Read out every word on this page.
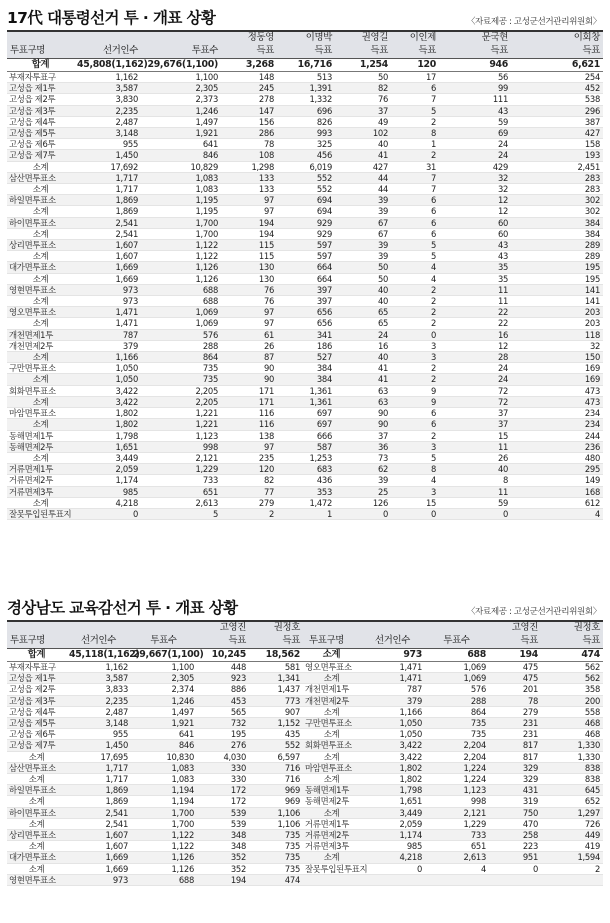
17代 대통령선거 투 · 개표 상황	〈자료제공 : 고성군선거관리위원회〉
			정동영	이명박	권영길	이인제	문국현	이회창
투표구명	선거인수	투표수	득표	득표	득표	득표	득표	득표
합계	45,808(1,162)	29,676(1,100)	3,268	16,716	1,254	120	946	6,621
부재자투표구	1,162	1,100	148	513	50	17	56	254
고성읍 제1투	3,587	2,305	245	1,391	82	6	99	452
고성읍 제2투	3,830	2,373	278	1,332	76	7	111	538
고성읍 제3투	2,235	1,246	147	696	37	5	43	296
고성읍 제4투	2,487	1,497	156	826	49	2	59	387
고성읍 제5투	3,148	1,921	286	993	102	8	69	427
고성읍 제6투	955	641	78	325	40	1	24	158
고성읍 제7투	1,450	846	108	456	41	2	24	193
소계	17,692	10,829	1,298	6,019	427	31	429	2,451
삼산면투표소	1,717	1,083	133	552	44	7	32	283
소계	1,717	1,083	133	552	44	7	32	283
하일면투표소	1,869	1,195	97	694	39	6	12	302
소계	1,869	1,195	97	694	39	6	12	302
하이면투표소	2,541	1,700	194	929	67	6	60	384
소계	2,541	1,700	194	929	67	6	60	384
상리면투표소	1,607	1,122	115	597	39	5	43	289
소계	1,607	1,122	115	597	39	5	43	289
대가면투표소	1,669	1,126	130	664	50	4	35	195
소계	1,669	1,126	130	664	50	4	35	195
영현면투표소	973	688	76	397	40	2	11	141
소계	973	688	76	397	40	2	11	141
영오면투표소	1,471	1,069	97	656	65	2	22	203
소계	1,471	1,069	97	656	65	2	22	203
개천면제1투	787	576	61	341	24	0	16	118
개천면제2투	379	288	26	186	16	3	12	32
소계	1,166	864	87	527	40	3	28	150
구만면투표소	1,050	735	90	384	41	2	24	169
소계	1,050	735	90	384	41	2	24	169
회화면투표소	3,422	2,205	171	1,361	63	9	72	473
소계	3,422	2,205	171	1,361	63	9	72	473
마암면투표소	1,802	1,221	116	697	90	6	37	234
소계	1,802	1,221	116	697	90	6	37	234
동해면제1투	1,798	1,123	138	666	37	2	15	244
동해면제2투	1,651	998	97	587	36	3	11	236
소계	3,449	2,121	235	1,253	73	5	26	480
거류면제1투	2,059	1,229	120	683	62	8	40	295
거류면제2투	1,174	733	82	436	39	4	8	149
거류면제3투	985	651	77	353	25	3	11	168
소계	4,218	2,613	279	1,472	126	15	59	612
잘못투입된투표지	0	5	2	1	0	0	0	4
경상남도 교육감선거 투 · 개표 상황	〈자료제공 : 고성군선거관리위원회〉
			고영진	권정호				고영진	권정호
투표구명	선거인수	투표수	득표	득표	투표구명	선거인수	투표수	득표	득표
합계	45,118(1,162)	29,667(1,100)	10,245	18,562	소계	973	688	194	474
부재자투표구	1,162	1,100	448	581	영오면투표소	1,471	1,069	475	562
고성읍 제1투	3,587	2,305	923	1,341	소계	1,471	1,069	475	562
고성읍 제2투	3,833	2,374	886	1,437	개천면제1투	787	576	201	358
고성읍 제3투	2,235	1,246	453	773	개천면제2투	379	288	78	200
고성읍 제4투	2,487	1,497	565	907	소계	1,166	864	279	558
고성읍 제5투	3,148	1,921	732	1,152	구만면투표소	1,050	735	231	468
고성읍 제6투	955	641	195	435	소계	1,050	735	231	468
고성읍 제7투	1,450	846	276	552	회화면투표소	3,422	2,204	817	1,330
소계	17,695	10,830	4,030	6,597	소계	3,422	2,204	817	1,330
삼산면투표소	1,717	1,083	330	716	마암면투표소	1,802	1,224	329	838
소계	1,717	1,083	330	716	소계	1,802	1,224	329	838
하일면투표소	1,869	1,194	172	969	동해면제1투	1,798	1,123	431	645
소계	1,869	1,194	172	969	동해면제2투	1,651	998	319	652
하이면투표소	2,541	1,700	539	1,106	소계	3,449	2,121	750	1,297
소계	2,541	1,700	539	1,106	거류면제1투	2,059	1,229	470	726
상리면투표소	1,607	1,122	348	735	거류면제2투	1,174	733	258	449
소계	1,607	1,122	348	735	거류면제3투	985	651	223	419
대가면투표소	1,669	1,126	352	735	소계	4,218	2,613	951	1,594
소계	1,669	1,126	352	735	잘못투입된투표지	0	4	0	2
영현면투표소	973	688	194	474					
